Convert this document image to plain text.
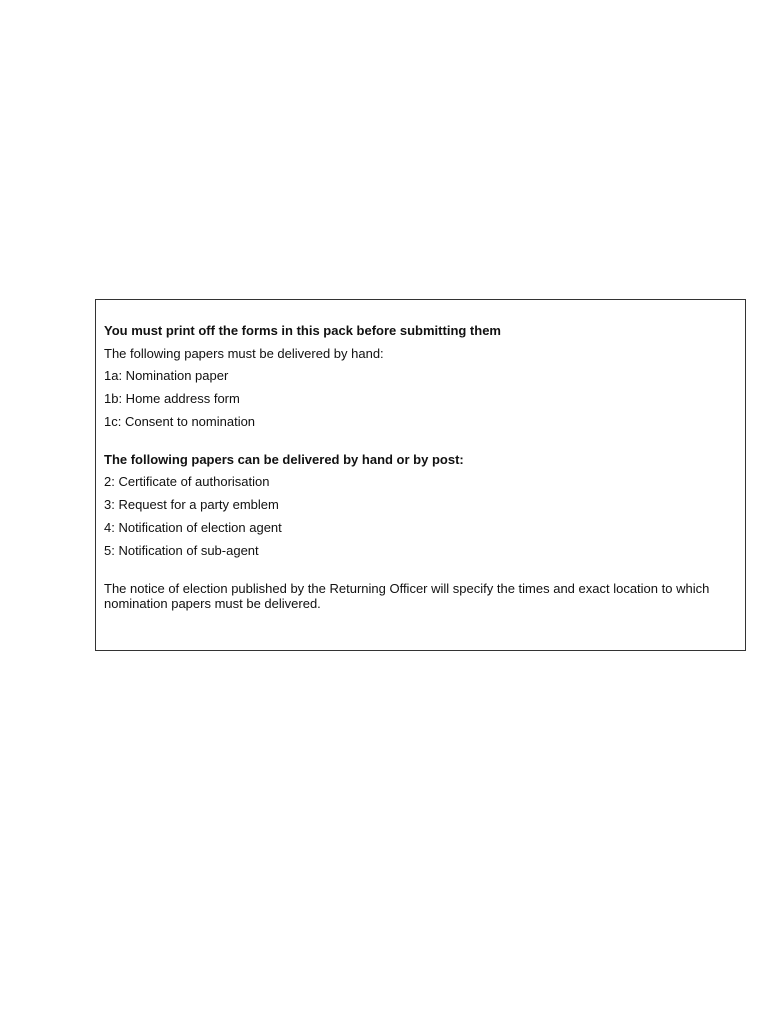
You must print off the forms in this pack before submitting them
The following papers must be delivered by hand:
1a: Nomination paper
1b: Home address form
1c: Consent to nomination
The following papers can be delivered by hand or by post:
2: Certificate of authorisation
3: Request for a party emblem
4: Notification of election agent
5: Notification of sub-agent
The notice of election published by the Returning Officer will specify the times and exact location to which nomination papers must be delivered.
